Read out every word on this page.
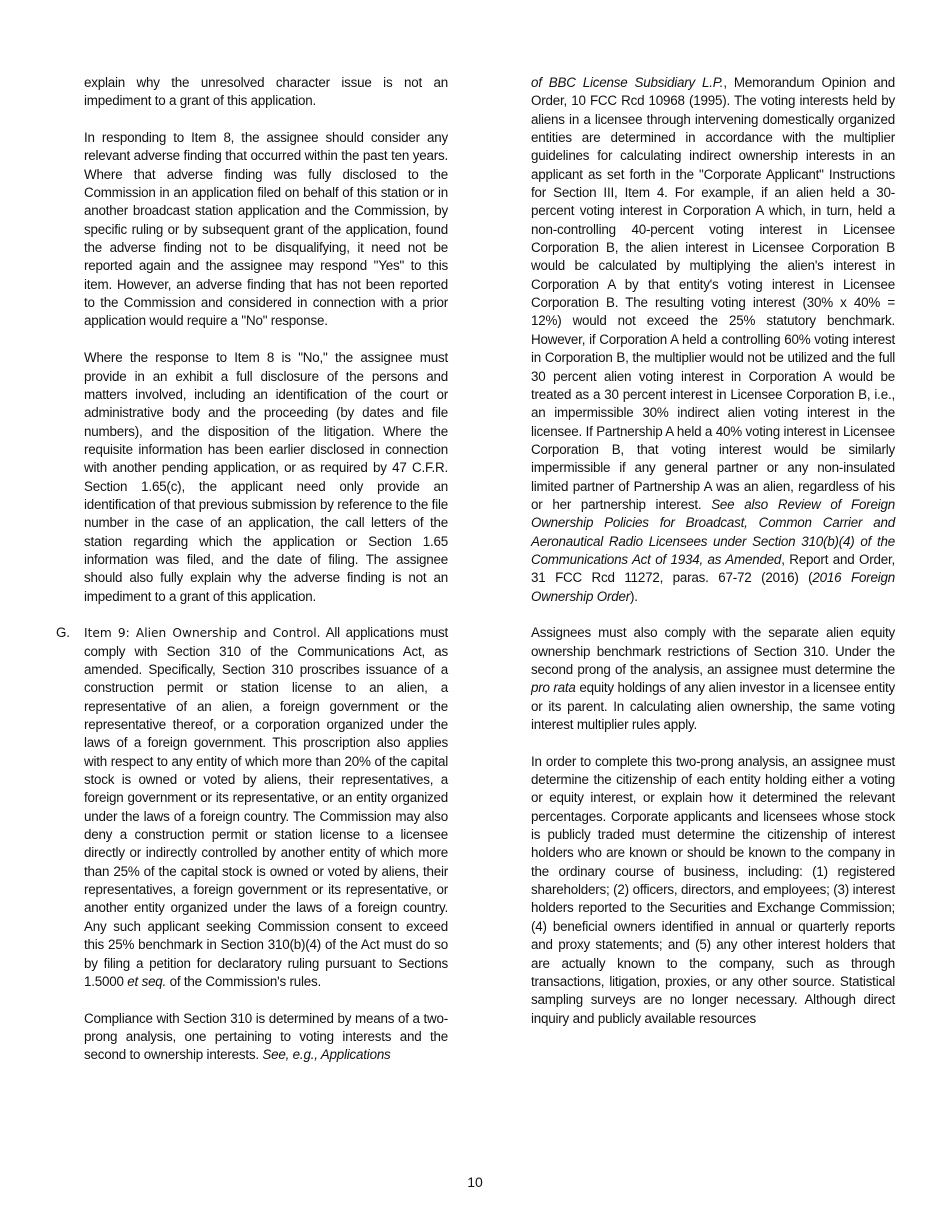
explain why the unresolved character issue is not an impediment to a grant of this application.

In responding to Item 8, the assignee should consider any relevant adverse finding that occurred within the past ten years. Where that adverse finding was fully disclosed to the Commission in an application filed on behalf of this station or in another broadcast station application and the Commission, by specific ruling or by subsequent grant of the application, found the adverse finding not to be disqualifying, it need not be reported again and the assignee may respond "Yes" to this item. However, an adverse finding that has not been reported to the Commission and considered in connection with a prior application would require a "No" response.

Where the response to Item 8 is "No," the assignee must provide in an exhibit a full disclosure of the persons and matters involved, including an identification of the court or administrative body and the proceeding (by dates and file numbers), and the disposition of the litigation. Where the requisite information has been earlier disclosed in connection with another pending application, or as required by 47 C.F.R. Section 1.65(c), the applicant need only provide an identification of that previous submission by reference to the file number in the case of an application, the call letters of the station regarding which the application or Section 1.65 information was filed, and the date of filing. The assignee should also fully explain why the adverse finding is not an impediment to a grant of this application.

G. Item 9: Alien Ownership and Control. All applications must comply with Section 310 of the Communications Act, as amended. Specifically, Section 310 proscribes issuance of a construction permit or station license to an alien, a representative of an alien, a foreign government or the representative thereof, or a corporation organized under the laws of a foreign government. This proscription also applies with respect to any entity of which more than 20% of the capital stock is owned or voted by aliens, their representatives, a foreign government or its representative, or an entity organized under the laws of a foreign country. The Commission may also deny a construction permit or station license to a licensee directly or indirectly controlled by another entity of which more than 25% of the capital stock is owned or voted by aliens, their representatives, a foreign government or its representative, or another entity organized under the laws of a foreign country. Any such applicant seeking Commission consent to exceed this 25% benchmark in Section 310(b)(4) of the Act must do so by filing a petition for declaratory ruling pursuant to Sections 1.5000 et seq. of the Commission's rules.

Compliance with Section 310 is determined by means of a two-prong analysis, one pertaining to voting interests and the second to ownership interests. See, e.g., Applications

of BBC License Subsidiary L.P., Memorandum Opinion and Order, 10 FCC Rcd 10968 (1995). The voting interests held by aliens in a licensee through intervening domestically organized entities are determined in accordance with the multiplier guidelines for calculating indirect ownership interests in an applicant as set forth in the "Corporate Applicant" Instructions for Section III, Item 4. For example, if an alien held a 30-percent voting interest in Corporation A which, in turn, held a non-controlling 40-percent voting interest in Licensee Corporation B, the alien interest in Licensee Corporation B would be calculated by multiplying the alien's interest in Corporation A by that entity's voting interest in Licensee Corporation B. The resulting voting interest (30% x 40% = 12%) would not exceed the 25% statutory benchmark. However, if Corporation A held a controlling 60% voting interest in Corporation B, the multiplier would not be utilized and the full 30 percent alien voting interest in Corporation A would be treated as a 30 percent interest in Licensee Corporation B, i.e., an impermissible 30% indirect alien voting interest in the licensee. If Partnership A held a 40% voting interest in Licensee Corporation B, that voting interest would be similarly impermissible if any general partner or any non-insulated limited partner of Partnership A was an alien, regardless of his or her partnership interest. See also Review of Foreign Ownership Policies for Broadcast, Common Carrier and Aeronautical Radio Licensees under Section 310(b)(4) of the Communications Act of 1934, as Amended, Report and Order, 31 FCC Rcd 11272, paras. 67-72 (2016) (2016 Foreign Ownership Order).

Assignees must also comply with the separate alien equity ownership benchmark restrictions of Section 310. Under the second prong of the analysis, an assignee must determine the pro rata equity holdings of any alien investor in a licensee entity or its parent. In calculating alien ownership, the same voting interest multiplier rules apply.

In order to complete this two-prong analysis, an assignee must determine the citizenship of each entity holding either a voting or equity interest, or explain how it determined the relevant percentages. Corporate applicants and licensees whose stock is publicly traded must determine the citizenship of interest holders who are known or should be known to the company in the ordinary course of business, including: (1) registered shareholders; (2) officers, directors, and employees; (3) interest holders reported to the Securities and Exchange Commission; (4) beneficial owners identified in annual or quarterly reports and proxy statements; and (5) any other interest holders that are actually known to the company, such as through transactions, litigation, proxies, or any other source. Statistical sampling surveys are no longer necessary. Although direct inquiry and publicly available resources

10
